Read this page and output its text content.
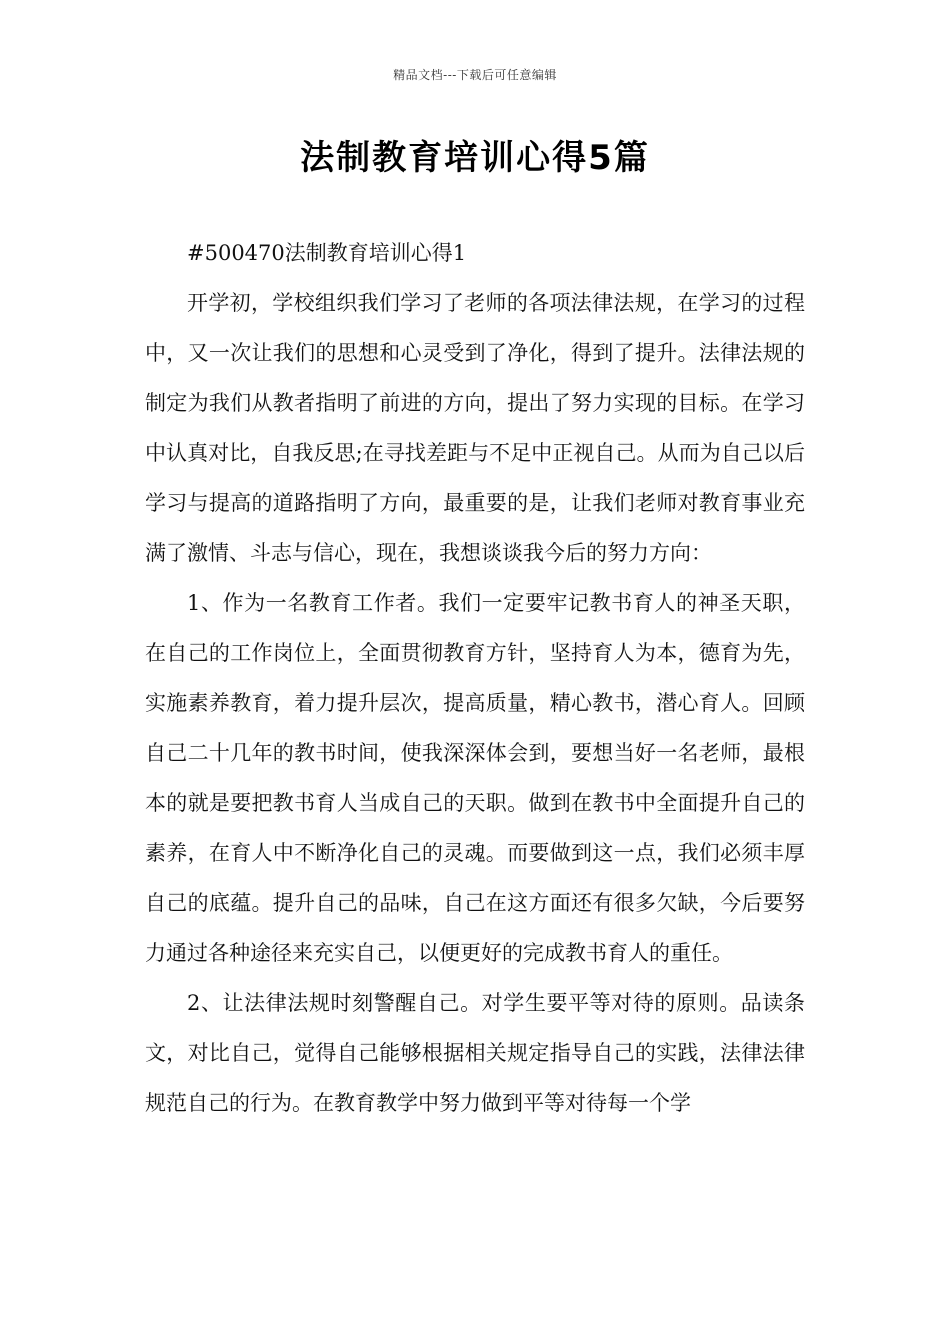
精品文档---下载后可任意编辑
法制教育培训心得5篇

#500470法制教育培训心得1

开学初，学校组织我们学习了老师的各项法律法规，在学习的过程中，又一次让我们的思想和心灵受到了净化，得到了提升。法律法规的制定为我们从教者指明了前进的方向，提出了努力实现的目标。在学习中认真对比，自我反思;在寻找差距与不足中正视自己。从而为自己以后学习与提高的道路指明了方向，最重要的是，让我们老师对教育事业充满了激情、斗志与信心，现在，我想谈谈我今后的努力方向：

1、作为一名教育工作者。我们一定要牢记教书育人的神圣天职，在自己的工作岗位上，全面贯彻教育方针，坚持育人为本，德育为先，实施素养教育，着力提升层次，提高质量，精心教书，潜心育人。回顾自己二十几年的教书时间，使我深深体会到，要想当好一名老师，最根本的就是要把教书育人当成自己的天职。做到在教书中全面提升自己的素养，在育人中不断净化自己的灵魂。而要做到这一点，我们必须丰厚自己的底蕴。提升自己的品味，自己在这方面还有很多欠缺，今后要努力通过各种途径来充实自己，以便更好的完成教书育人的重任。

2、让法律法规时刻警醒自己。对学生要平等对待的原则。品读条文，对比自己，觉得自己能够根据相关规定指导自己的实践，法律法律规范自己的行为。在教育教学中努力做到平等对待每一个学
